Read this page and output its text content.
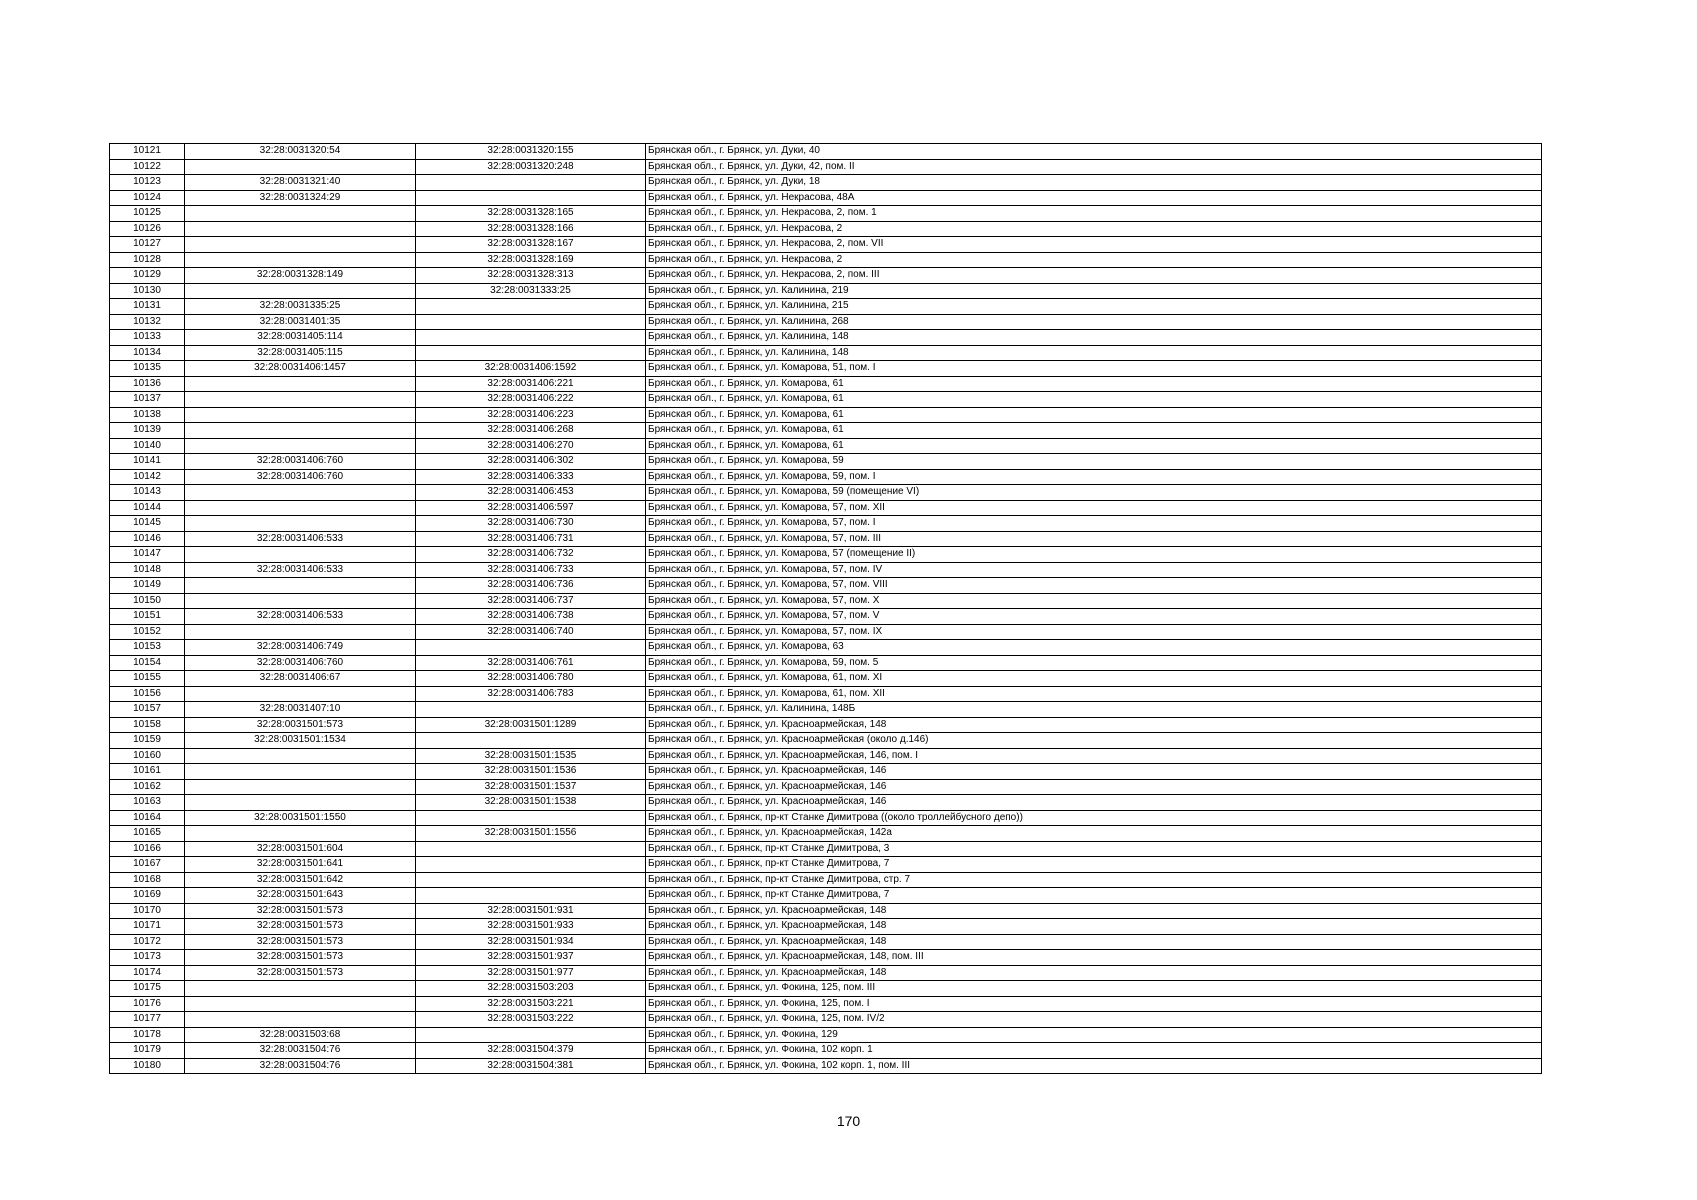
10121	32:28:0031320:54	32:28:0031320:155	Брянская обл., г. Брянск, ул. Дуки, 40
10122		32:28:0031320:248	Брянская обл., г. Брянск, ул. Дуки, 42, пом. II
10123	32:28:0031321:40		Брянская обл., г. Брянск, ул. Дуки, 18
10124	32:28:0031324:29		Брянская обл., г. Брянск, ул. Некрасова, 48А
10125		32:28:0031328:165	Брянская обл., г. Брянск, ул. Некрасова, 2, пом. 1
10126		32:28:0031328:166	Брянская обл., г. Брянск, ул. Некрасова, 2
10127		32:28:0031328:167	Брянская обл., г. Брянск, ул. Некрасова, 2, пом. VII
10128		32:28:0031328:169	Брянская обл., г. Брянск, ул. Некрасова, 2
10129	32:28:0031328:149	32:28:0031328:313	Брянская обл., г. Брянск, ул. Некрасова, 2, пом. III
10130		32:28:0031333:25	Брянская обл., г. Брянск, ул. Калинина, 219
10131	32:28:0031335:25		Брянская обл., г. Брянск, ул. Калинина, 215
10132	32:28:0031401:35		Брянская обл., г. Брянск, ул. Калинина, 268
10133	32:28:0031405:114		Брянская обл., г. Брянск, ул. Калинина, 148
10134	32:28:0031405:115		Брянская обл., г. Брянск, ул. Калинина, 148
10135	32:28:0031406:1457	32:28:0031406:1592	Брянская обл., г. Брянск, ул. Комарова, 51, пом. I
10136		32:28:0031406:221	Брянская обл., г. Брянск, ул. Комарова, 61
10137		32:28:0031406:222	Брянская обл., г. Брянск, ул. Комарова, 61
10138		32:28:0031406:223	Брянская обл., г. Брянск, ул. Комарова, 61
10139		32:28:0031406:268	Брянская обл., г. Брянск, ул. Комарова, 61
10140		32:28:0031406:270	Брянская обл., г. Брянск, ул. Комарова, 61
10141	32:28:0031406:760	32:28:0031406:302	Брянская обл., г. Брянск, ул. Комарова, 59
10142	32:28:0031406:760	32:28:0031406:333	Брянская обл., г. Брянск, ул. Комарова, 59, пом. I
10143		32:28:0031406:453	Брянская обл., г. Брянск, ул. Комарова, 59 (помещение VI)
10144		32:28:0031406:597	Брянская обл., г. Брянск, ул. Комарова, 57, пом. XII
10145		32:28:0031406:730	Брянская обл., г. Брянск, ул. Комарова, 57, пом. I
10146	32:28:0031406:533	32:28:0031406:731	Брянская обл., г. Брянск, ул. Комарова, 57, пом. III
10147		32:28:0031406:732	Брянская обл., г. Брянск, ул. Комарова, 57 (помещение II)
10148	32:28:0031406:533	32:28:0031406:733	Брянская обл., г. Брянск, ул. Комарова, 57, пом. IV
10149		32:28:0031406:736	Брянская обл., г. Брянск, ул. Комарова, 57, пом. VIII
10150		32:28:0031406:737	Брянская обл., г. Брянск, ул. Комарова, 57, пом. X
10151	32:28:0031406:533	32:28:0031406:738	Брянская обл., г. Брянск, ул. Комарова, 57, пом. V
10152		32:28:0031406:740	Брянская обл., г. Брянск, ул. Комарова, 57, пом. IX
10153	32:28:0031406:749		Брянская обл., г. Брянск, ул. Комарова, 63
10154	32:28:0031406:760	32:28:0031406:761	Брянская обл., г. Брянск, ул. Комарова, 59, пом. 5
10155	32:28:0031406:67	32:28:0031406:780	Брянская обл., г. Брянск, ул. Комарова, 61, пом. XI
10156		32:28:0031406:783	Брянская обл., г. Брянск, ул. Комарова, 61, пом. XII
10157	32:28:0031407:10		Брянская обл., г. Брянск, ул. Калинина, 148Б
10158	32:28:0031501:573	32:28:0031501:1289	Брянская обл., г. Брянск, ул. Красноармейская, 148
10159	32:28:0031501:1534		Брянская обл., г. Брянск, ул. Красноармейская (около д.146)
10160		32:28:0031501:1535	Брянская обл., г. Брянск, ул. Красноармейская, 146, пом. I
10161		32:28:0031501:1536	Брянская обл., г. Брянск, ул. Красноармейская, 146
10162		32:28:0031501:1537	Брянская обл., г. Брянск, ул. Красноармейская, 146
10163		32:28:0031501:1538	Брянская обл., г. Брянск, ул. Красноармейская, 146
10164	32:28:0031501:1550		Брянская обл., г. Брянск, пр-кт Станке Димитрова ((около троллейбусного депо))
10165		32:28:0031501:1556	Брянская обл., г. Брянск, ул. Красноармейская, 142а
10166	32:28:0031501:604		Брянская обл., г. Брянск, пр-кт Станке Димитрова, 3
10167	32:28:0031501:641		Брянская обл., г. Брянск, пр-кт Станке Димитрова, 7
10168	32:28:0031501:642		Брянская обл., г. Брянск, пр-кт Станке Димитрова, стр. 7
10169	32:28:0031501:643		Брянская обл., г. Брянск, пр-кт Станке Димитрова, 7
10170	32:28:0031501:573	32:28:0031501:931	Брянская обл., г. Брянск, ул. Красноармейская, 148
10171	32:28:0031501:573	32:28:0031501:933	Брянская обл., г. Брянск, ул. Красноармейская, 148
10172	32:28:0031501:573	32:28:0031501:934	Брянская обл., г. Брянск, ул. Красноармейская, 148
10173	32:28:0031501:573	32:28:0031501:937	Брянская обл., г. Брянск, ул. Красноармейская, 148, пом. III
10174	32:28:0031501:573	32:28:0031501:977	Брянская обл., г. Брянск, ул. Красноармейская, 148
10175		32:28:0031503:203	Брянская обл., г. Брянск, ул. Фокина, 125, пом. III
10176		32:28:0031503:221	Брянская обл., г. Брянск, ул. Фокина, 125, пом. I
10177		32:28:0031503:222	Брянская обл., г. Брянск, ул. Фокина, 125, пом. IV/2
10178	32:28:0031503:68		Брянская обл., г. Брянск, ул. Фокина, 129
10179	32:28:0031504:76	32:28:0031504:379	Брянская обл., г. Брянск, ул. Фокина, 102 корп. 1
10180	32:28:0031504:76	32:28:0031504:381	Брянская обл., г. Брянск, ул. Фокина, 102 корп. 1, пом. III
170
